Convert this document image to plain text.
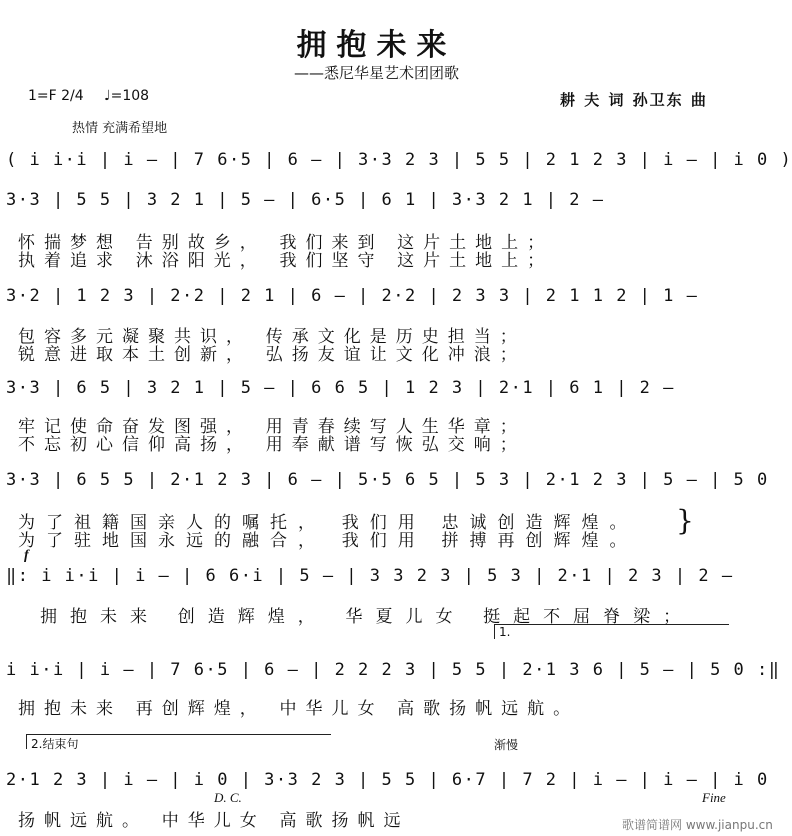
拥抱未来
——悉尼华星艺术团团歌
1=F 2/4 ♩=108	耕 夫 词 孙卫东 曲
热情 充满希望地
( i i·i | i – | 7 6·5 | 6 – | 3·3 2 3 | 5 5 | 2 1 2 3 | i – | i 0 )
3·3 | 5 5 | 3 2 1 | 5 – | 6·5 | 6 1 | 3·3 2 1 | 2 –
怀揣梦想 告别故乡， 我们来到 这片土地上；
执着追求 沐浴阳光， 我们坚守 这片土地上；
3·2 | 1 2 3 | 2·2 | 2 1 | 6 – | 2·2 | 2 3 3 | 2 1 1 2 | 1 –
包容多元凝聚共识， 传承文化是历史担当；
锐意进取本土创新， 弘扬友谊让文化冲浪；
3·3 | 6 5 | 3 2 1 | 5 – | 6 6 5 | 1 2 3 | 2·1 | 6 1 | 2 –
牢记使命奋发图强， 用青春续写人生华章；
不忘初心信仰高扬， 用奉献谱写恢弘交响；
3·3 | 6 5 5 | 2·1 2 3 | 6 – | 5·5 6 5 | 5 3 | 2·1 2 3 | 5 – | 5 0
为了祖籍国亲人的嘱托， 我们用 忠诚创造辉煌。
为了驻地国永远的融合， 我们用 拼搏再创辉煌。
}
f
‖: i i·i | i – | 6 6·i | 5 – | 3 3 2 3 | 5 3 | 2·1 | 2 3 | 2 –
拥抱未来 创造辉煌， 华夏儿女 挺起不屈脊梁；
1.
i i·i | i – | 7 6·5 | 6 – | 2 2 2 3 | 5 5 | 2·1 3 6 | 5 – | 5 0 :‖
拥抱未来 再创辉煌， 中华儿女 高歌扬帆远航。
2.结束句	渐慢
2·1 2 3 | i – | i 0 | 3·3 2 3 | 5 5 | 6·7 | 7 2 | i – | i – | i 0
D. C.	Fine
扬帆远航。 中华儿女 高歌扬帆远	歌谱简谱网 www.jianpu.cn
